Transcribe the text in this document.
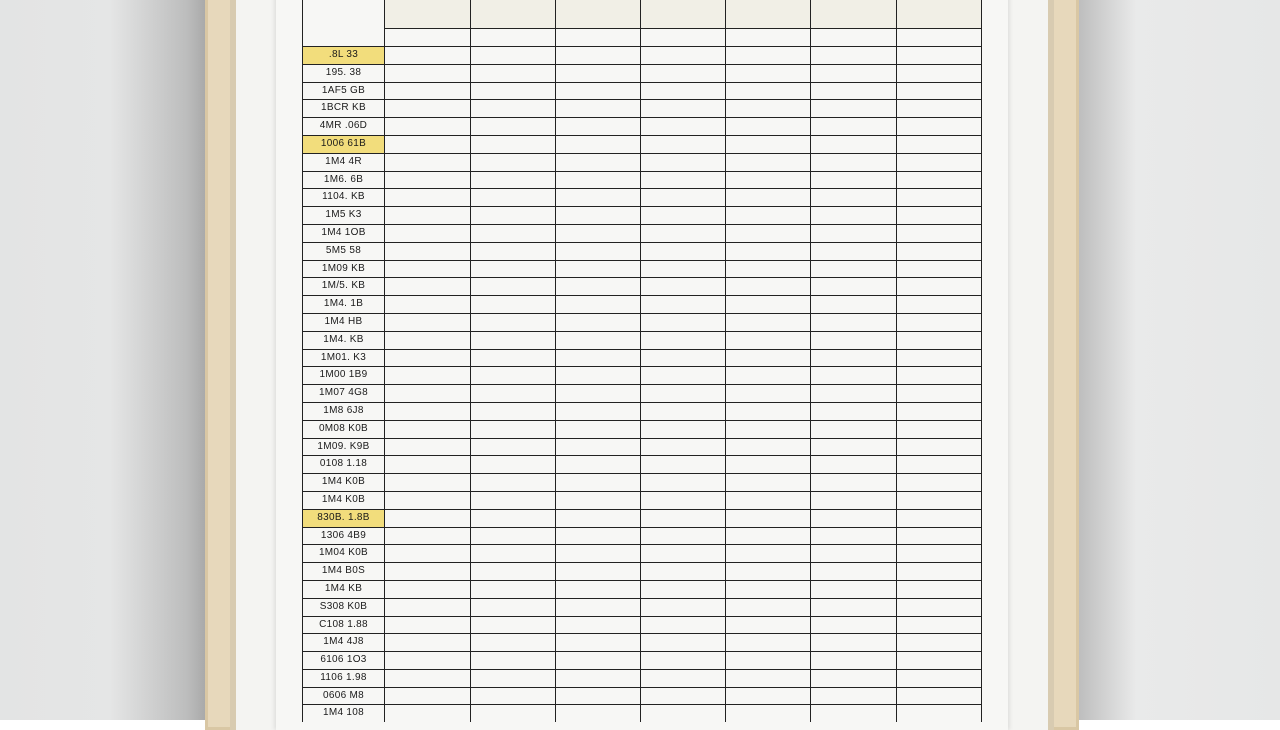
.8L 33
195. 38
1AF5 GB
1BCR KB
4MR .06D
1006 61B
1M4 4R
1M6. 6B
1104. KB
1M5 K3
1M4 1OB
5M5 58
1M09 KB
1M/5. KB
1M4. 1B
1M4 HB
1M4. KB
1M01. K3
1M00 1B9
1M07 4G8
1M8 6J8
0M08 K0B
1M09. K9B
0108 1.18
1M4 K0B
1M4 K0B
830B. 1.8B
1306 4B9
1M04 K0B
1M4 B0S
1M4 KB
S308 K0B
C108 1.88
1M4 4J8
6106 1O3
1106 1.98
0606 M8
1M4 108
